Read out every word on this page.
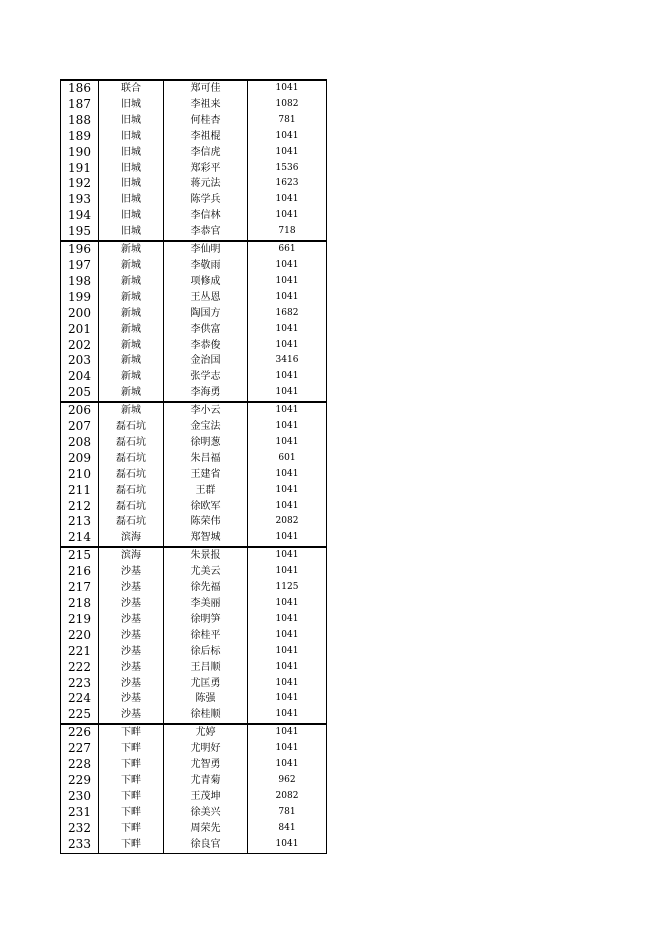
186	联合	郑可佳	1041
187	旧城	李祖来	1082
188	旧城	何桂杏	781
189	旧城	李祖棍	1041
190	旧城	李信虎	1041
191	旧城	郑彩平	1536
192	旧城	蒋元法	1623
193	旧城	陈学兵	1041
194	旧城	李信林	1041
195	旧城	李恭官	718
196	新城	李仙明	661
197	新城	李敬雨	1041
198	新城	项修成	1041
199	新城	王丛恩	1041
200	新城	陶国方	1682
201	新城	李供富	1041
202	新城	李恭俊	1041
203	新城	金治国	3416
204	新城	张学志	1041
205	新城	李海勇	1041
206	新城	李小云	1041
207	磊石坑	金宝法	1041
208	磊石坑	徐明葱	1041
209	磊石坑	朱吕福	601
210	磊石坑	王建省	1041
211	磊石坑	王群	1041
212	磊石坑	徐欧军	1041
213	磊石坑	陈荣伟	2082
214	滨海	郑智城	1041
215	滨海	朱景报	1041
216	沙基	尤美云	1041
217	沙基	徐先福	1125
218	沙基	李美丽	1041
219	沙基	徐明笋	1041
220	沙基	徐桂平	1041
221	沙基	徐后标	1041
222	沙基	王吕顺	1041
223	沙基	尤匡勇	1041
224	沙基	陈强	1041
225	沙基	徐桂顺	1041
226	下畔	尤婷	1041
227	下畔	尤明好	1041
228	下畔	尤智勇	1041
229	下畔	尤青菊	962
230	下畔	王茂坤	2082
231	下畔	徐美兴	781
232	下畔	周荣先	841
233	下畔	徐良官	1041
